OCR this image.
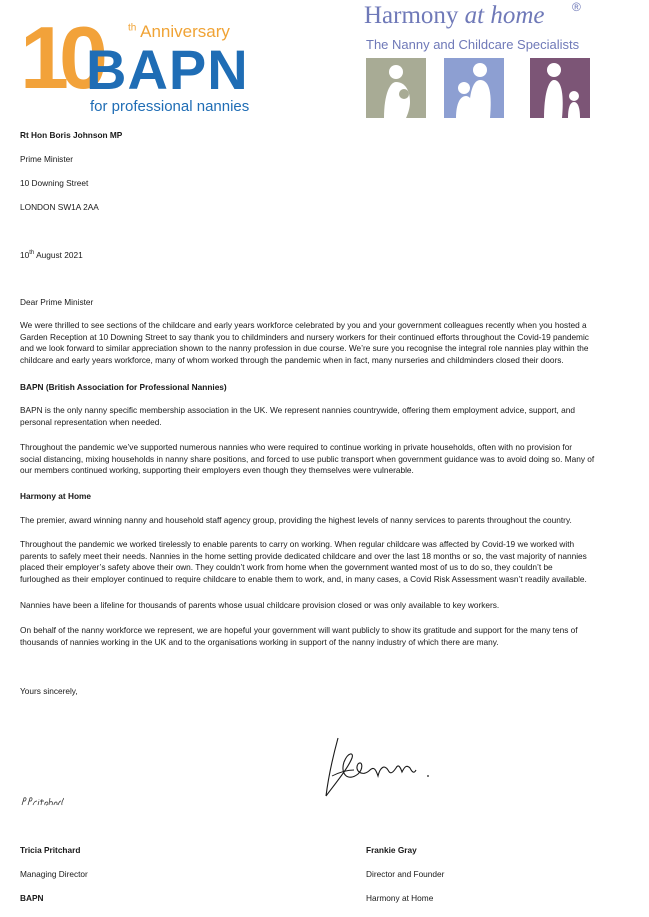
10	$^{th}$ Anniversary
BAPN
for professional nannies
Harmony at home ®
The Nanny and Childcare Specialists
Rt Hon Boris Johnson MP
Prime Minister
10 Downing Street
LONDON SW1A 2AA
10th August 2021
Dear Prime Minister

We were thrilled to see sections of the childcare and early years workforce celebrated by you and your government colleagues recently when you hosted a

Garden Reception at 10 Downing Street to say thank you to childminders and nursery workers for their continued efforts throughout the Covid-19 pandemic

and we look forward to similar appreciation shown to the nanny profession in due course. We’re sure you recognise the integral role nannies play within the

childcare and early years workforce, many of whom worked through the pandemic when in fact, many nurseries and childminders closed their doors.

BAPN (British Association for Professional Nannies)

BAPN is the only nanny specific membership association in the UK. We represent nannies countrywide, offering them employment advice, support, and

personal representation when needed.

Throughout the pandemic we’ve supported numerous nannies who were required to continue working in private households, often with no provision for

social distancing, mixing households in nanny share positions, and forced to use public transport when government guidance was to avoid doing so. Many of

our members continued working, supporting their employers even though they themselves were vulnerable.

Harmony at Home

The premier, award winning nanny and household staff agency group, providing the highest levels of nanny services to parents throughout the country.

Throughout the pandemic we worked tirelessly to enable parents to carry on working. When regular childcare was affected by Covid-19 we worked with

parents to safely meet their needs. Nannies in the home setting provide dedicated childcare and over the last 18 months or so, the vast majority of nannies

placed their employer’s safety above their own. They couldn’t work from home when the government wanted most of us to do so, they couldn’t be

furloughed as their employer continued to require childcare to enable them to work, and, in many cases, a Covid Risk Assessment wasn’t readily available.

Nannies have been a lifeline for thousands of parents whose usual childcare provision closed or was only available to key workers.

On behalf of the nanny workforce we represent, we are hopeful your government will want publicly to show its gratitude and support for the many tens of

thousands of nannies working in the UK and to the organisations working in support of the nanny industry of which there are many.

Yours sincerely,
Tricia Pritchard
Managing Director
BAPN
Frankie Gray
Director and Founder
Harmony at Home
